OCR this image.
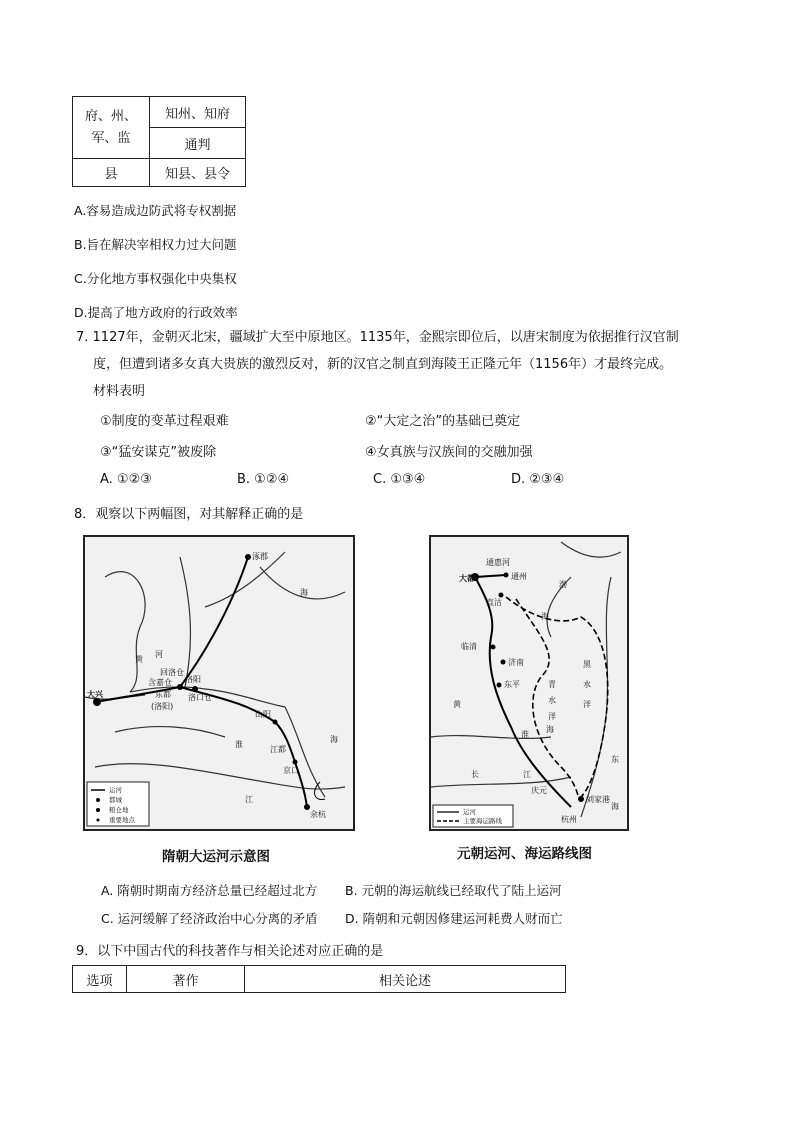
府、州、军、监	知州、知府
	通判
县	知县、县令
A.容易造成边防武将专权割据
B.旨在解决宰相权力过大问题
C.分化地方事权强化中央集权
D.提高了地方政府的行政效率
7. 1127年，金朝灭北宋，疆域扩大至中原地区。1135年，金熙宗即位后，以唐宋制度为依据推行汉官制
度，但遭到诸多女真大贵族的激烈反对，新的汉官之制直到海陵王正隆元年（1156年）才最终完成。
材料表明
①制度的变革过程艰难	②“大定之治”的基础已奠定
③“猛安谋克”被废除	④女真族与汉族间的交融加强
A. ①②③	B. ①②④	C. ①③④	D. ②③④
8．观察以下两幅图，对其解释正确的是
涿郡
海
洛阳
东都
大兴
含嘉仓
洛口仓
回洛仓
(洛阳)
山阳
江都
京口
余杭
海
江
河
淮
黄
运河
都城
粮仓地
重要地点
隋朝大运河示意图
通惠河
大都	通州
直沽
渤
海
临清
济南
东平
黄
海
青
水
洋
黑
水
洋
淮
长	江
庆元
杭州
刘家港
东
海
运河
主要海运路线
元朝运河、海运路线图
A. 隋朝时期南方经济总量已经超过北方 B. 元朝的海运航线已经取代了陆上运河
C. 运河缓解了经济政治中心分离的矛盾 D. 隋朝和元朝因修建运河耗费人财而亡
9．以下中国古代的科技著作与相关论述对应正确的是
选项	著作	相关论述
